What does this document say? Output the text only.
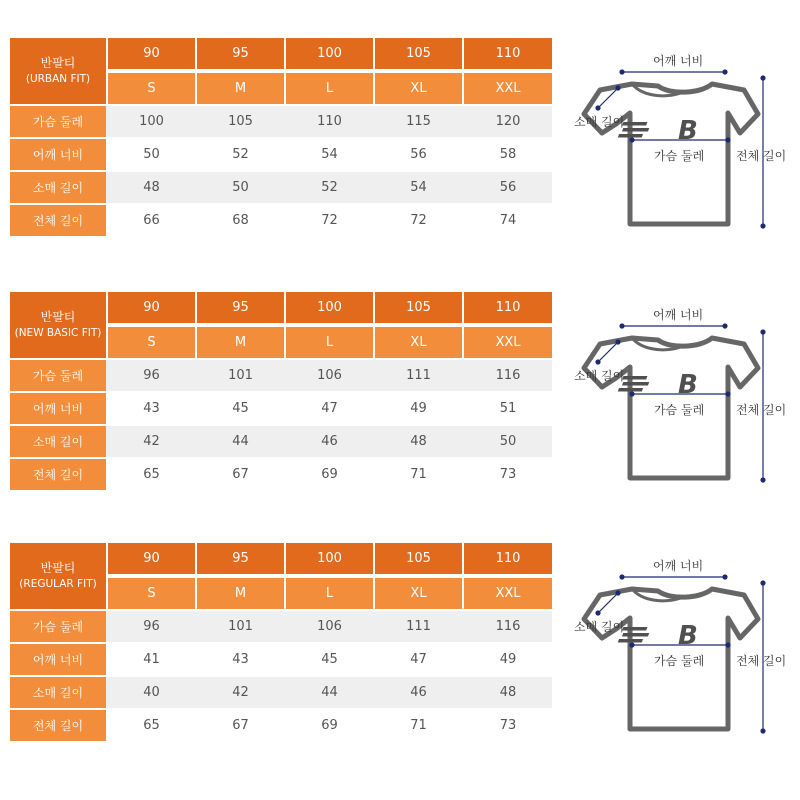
반팔티
(URBAN FIT)
90	95	100	105	110
S	M	L	XL	XXL
가슴 둘레	100	105	110	115	120
어깨 너비	50	52	54	56	58
소매 길이	48	50	52	54	56
전체 길이	66	68	72	72	74
B
어깨 너비
소매 길이
가슴 둘레	전체 길이
반팔티
(NEW BASIC FIT)
90	95	100	105	110
S	M	L	XL	XXL
가슴 둘레	96	101	106	111	116
어깨 너비	43	45	47	49	51
소매 길이	42	44	46	48	50
전체 길이	65	67	69	71	73
B
어깨 너비
소매 길이
가슴 둘레	전체 길이
반팔티
(REGULAR FIT)
90	95	100	105	110
S	M	L	XL	XXL
가슴 둘레	96	101	106	111	116
어깨 너비	41	43	45	47	49
소매 길이	40	42	44	46	48
전체 길이	65	67	69	71	73
B
어깨 너비
소매 길이
가슴 둘레	전체 길이
